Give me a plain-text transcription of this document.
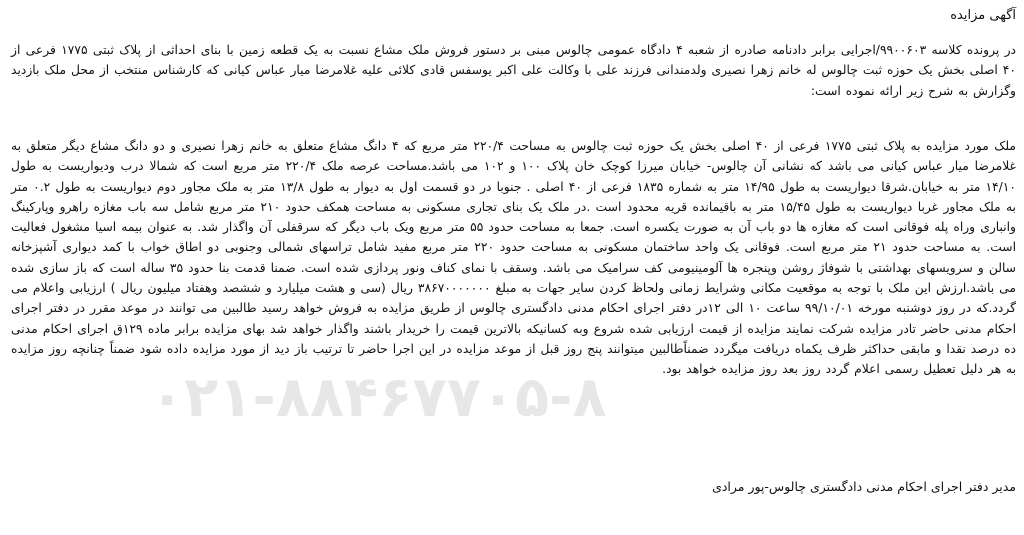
آگهی مزایده

در پرونده کلاسه ۹۹۰۰۶۰۳/اجرایی برابر دادنامه صادره از شعبه ۴ دادگاه عمومی چالوس مبنی بر دستور فروش ملک مشاع نسبت به یک قطعه زمین با بنای احداثی از پلاک ثبتی ۱۷۷۵ فرعی از ۴۰ اصلی بخش یک حوزه ثبت چالوس له خانم زهرا نصیری ولدمندانی فرزند علی با وکالت علی اکبر یوسفس قادی کلائی علیه غلامرضا میار عباس کیانی که کارشناس منتخب از محل ملک بازدید وگزارش به شرح زیر ارائه نموده است:

ملک مورد مزایده به پلاک ثبتی ۱۷۷۵ فرعی از ۴۰ اصلی بخش یک حوزه ثبت چالوس به مساحت ۲۲۰/۴ متر مربع که ۴ دانگ مشاع متعلق به خانم زهرا نصیری و دو دانگ مشاع دیگر متعلق به غلامرضا میار عباس کیانی می باشد که نشانی آن چالوس- خیابان میرزا کوچک خان پلاک ۱۰۰ و ۱۰۲ می باشد.مساحت عرصه ملک ۲۲۰/۴ متر مربع است که شمالا درب ودیواریست به طول ۱۴/۱۰ متر به خیابان.شرقا دیواریست به طول ۱۴/۹۵ متر به شماره ۱۸۳۵ فرعی از ۴۰ اصلی . جنوبا در دو قسمت اول به دیوار به طول ۱۳/۸ متر به ملک مجاور دوم دیواریست به طول ۰.۲ متر به ملک مجاور غربا دیواریست به طول ۱۵/۴۵ متر به باقیمانده قریه محدود است .در ملک یک بنای تجاری مسکونی به مساحت همکف حدود ۲۱۰ متر مربع شامل سه باب مغازه راهرو وپارکینگ وانباری وراه پله فوقانی است که مغازه ها دو باب آن به صورت یکسره است. جمعا به مساحت حدود ۵۵ متر مربع ویک باب دیگر که سرقفلی آن واگذار شد. به عنوان بیمه اسیا مشغول فعالیت است. به مساحت حدود ۲۱ متر مربع است. فوقانی یک واحد ساختمان مسکونی به مساحت حدود ۲۲۰ متر مربع مفید شامل تراسهای شمالی وجنوبی دو اطاق خواب با کمد دیواری آشپزخانه سالن و سرویسهای بهداشتی با شوفاژ روشن وپنجره ها آلومینیومی کف سرامیک می باشد. وسقف با نمای کناف ونور پردازی شده است. ضمنا قدمت بنا حدود ۳۵ ساله است که باز سازی شده می باشد.ارزش این ملک با توجه به موقعیت مکانی وشرایط زمانی ولحاظ کردن سایر جهات به مبلغ ۳۸۶۷۰۰۰۰۰۰۰ ریال (سی و هشت میلیارد و ششصد وهفتاد میلیون ریال ) ارزیابی واعلام می گردد.که در روز دوشنبه مورخه ۹۹/۱۰/۰۱ ساعت ۱۰ الی ۱۲در دفتر اجرای احکام مدنی دادگستری چالوس از طریق مزایده به فروش خواهد رسید طالبین می توانند در موعد مقرر در دفتر اجرای احکام مدنی حاضر تادر مزایده شرکت نمایند مزایده از قیمت ارزیابی شده شروع وبه کسانیکه بالاترین قیمت را خریدار باشند واگذار خواهد شد بهای مزایده برابر ماده ۱۲۹ق اجرای احکام مدنی ده درصد نقدا و مابقی حداکثر ظرف یکماه دریافت میگردد ضمناًطالبین میتوانند پنج روز قبل از موعد مزایده در این اجرا حاضر تا ترتیب باز دید از مورد مزایده داده شود ضمناً چنانچه روز مزایده به هر دلیل تعطیل رسمی اعلام گردد روز بعد روز مزایده خواهد بود.

۰۲۱-۸۸۴۶۷۷۰۵-۸
مدیر دفتر اجرای احکام مدنی دادگستری چالوس-پور مرادی
